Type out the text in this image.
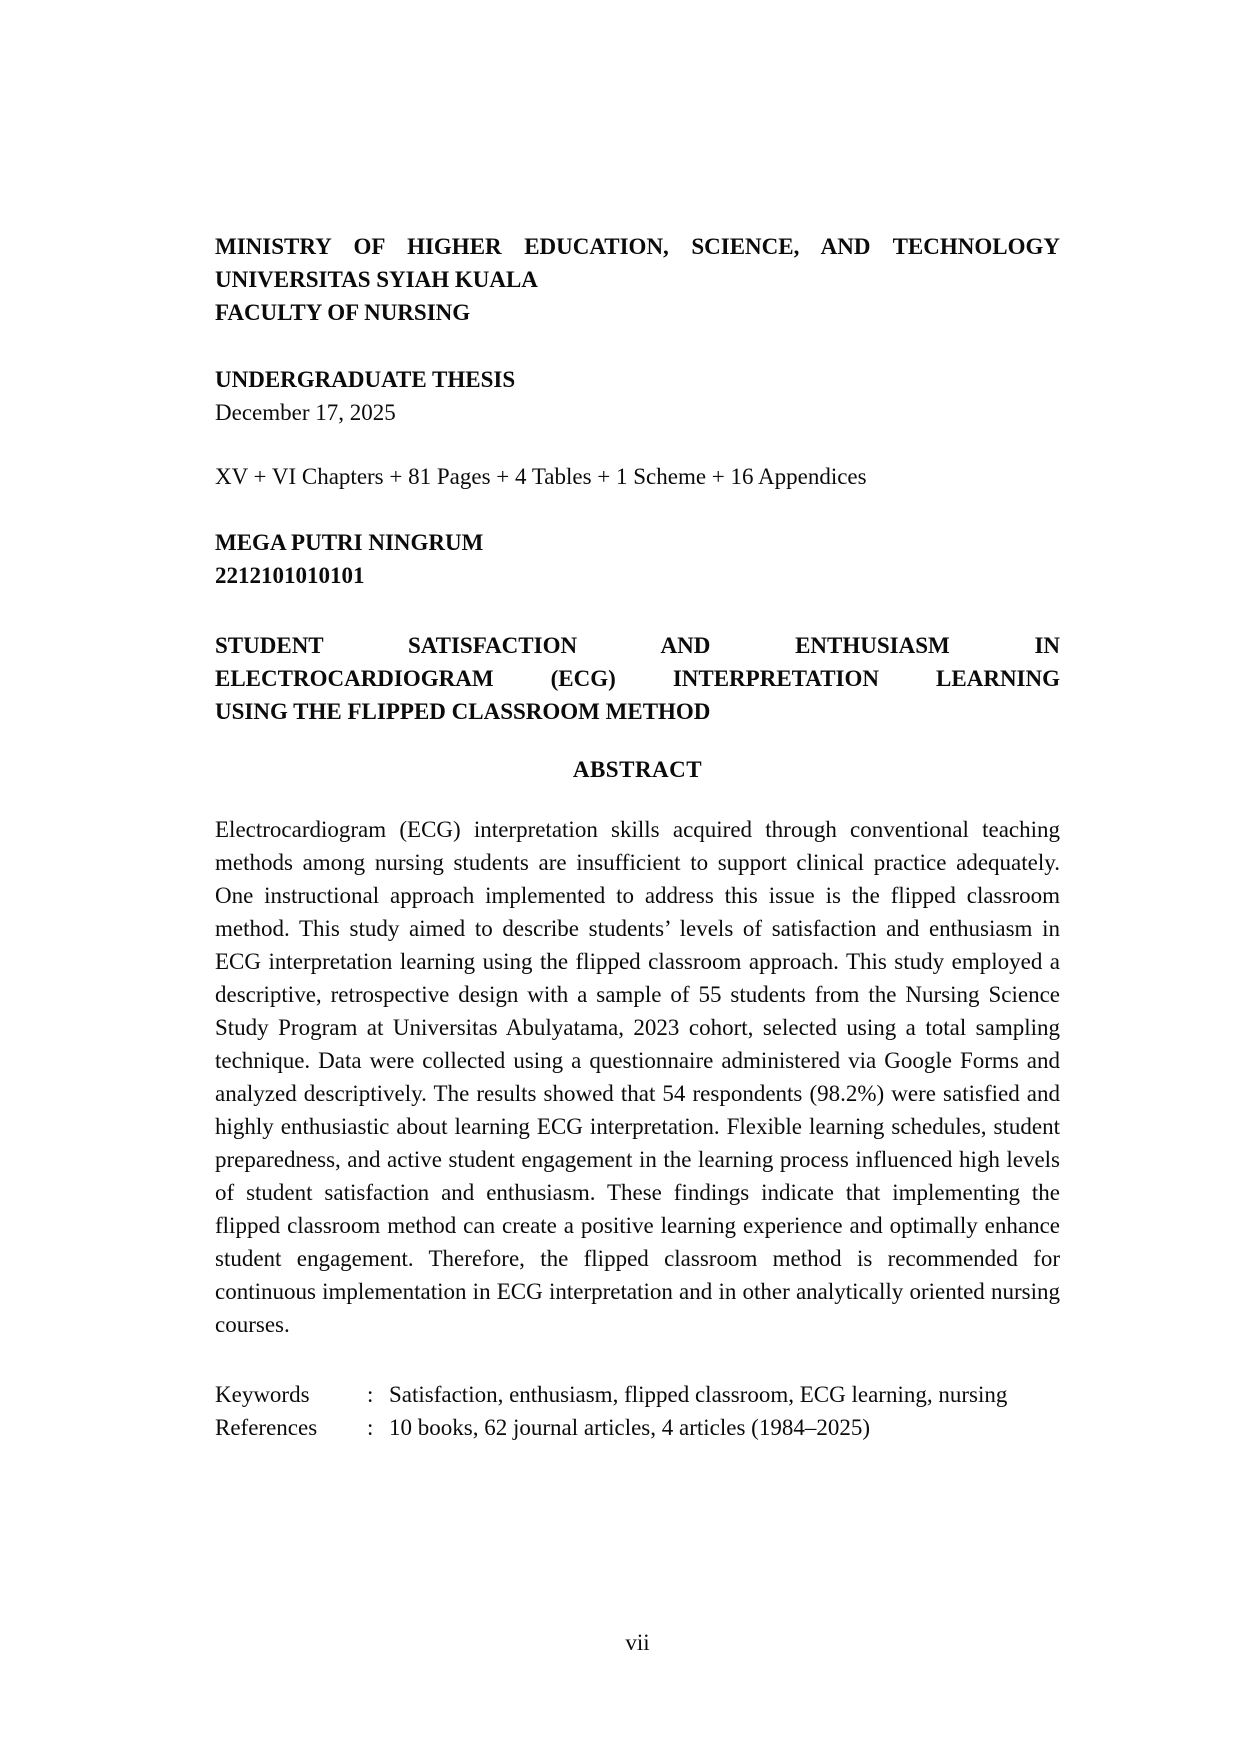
MINISTRY OF HIGHER EDUCATION, SCIENCE, AND TECHNOLOGY
UNIVERSITAS SYIAH KUALA
FACULTY OF NURSING
UNDERGRADUATE THESIS
December 17, 2025
XV + VI Chapters + 81 Pages + 4 Tables + 1 Scheme + 16 Appendices
MEGA PUTRI NINGRUM
2212101010101
STUDENT SATISFACTION AND ENTHUSIASM IN
ELECTROCARDIOGRAM (ECG) INTERPRETATION LEARNING
USING THE FLIPPED CLASSROOM METHOD
ABSTRACT
Electrocardiogram (ECG) interpretation skills acquired through conventional teaching methods among nursing students are insufficient to support clinical practice adequately. One instructional approach implemented to address this issue is the flipped classroom method. This study aimed to describe students’ levels of satisfaction and enthusiasm in ECG interpretation learning using the flipped classroom approach. This study employed a descriptive, retrospective design with a sample of 55 students from the Nursing Science Study Program at Universitas Abulyatama, 2023 cohort, selected using a total sampling technique. Data were collected using a questionnaire administered via Google Forms and analyzed descriptively. The results showed that 54 respondents (98.2%) were satisfied and highly enthusiastic about learning ECG interpretation. Flexible learning schedules, student preparedness, and active student engagement in the learning process influenced high levels of student satisfaction and enthusiasm. These findings indicate that implementing the flipped classroom method can create a positive learning experience and optimally enhance student engagement. Therefore, the flipped classroom method is recommended for continuous implementation in ECG interpretation and in other analytically oriented nursing courses.
Keywords	: Satisfaction, enthusiasm, flipped classroom, ECG learning, nursing
References	: 10 books, 62 journal articles, 4 articles (1984–2025)
vii
